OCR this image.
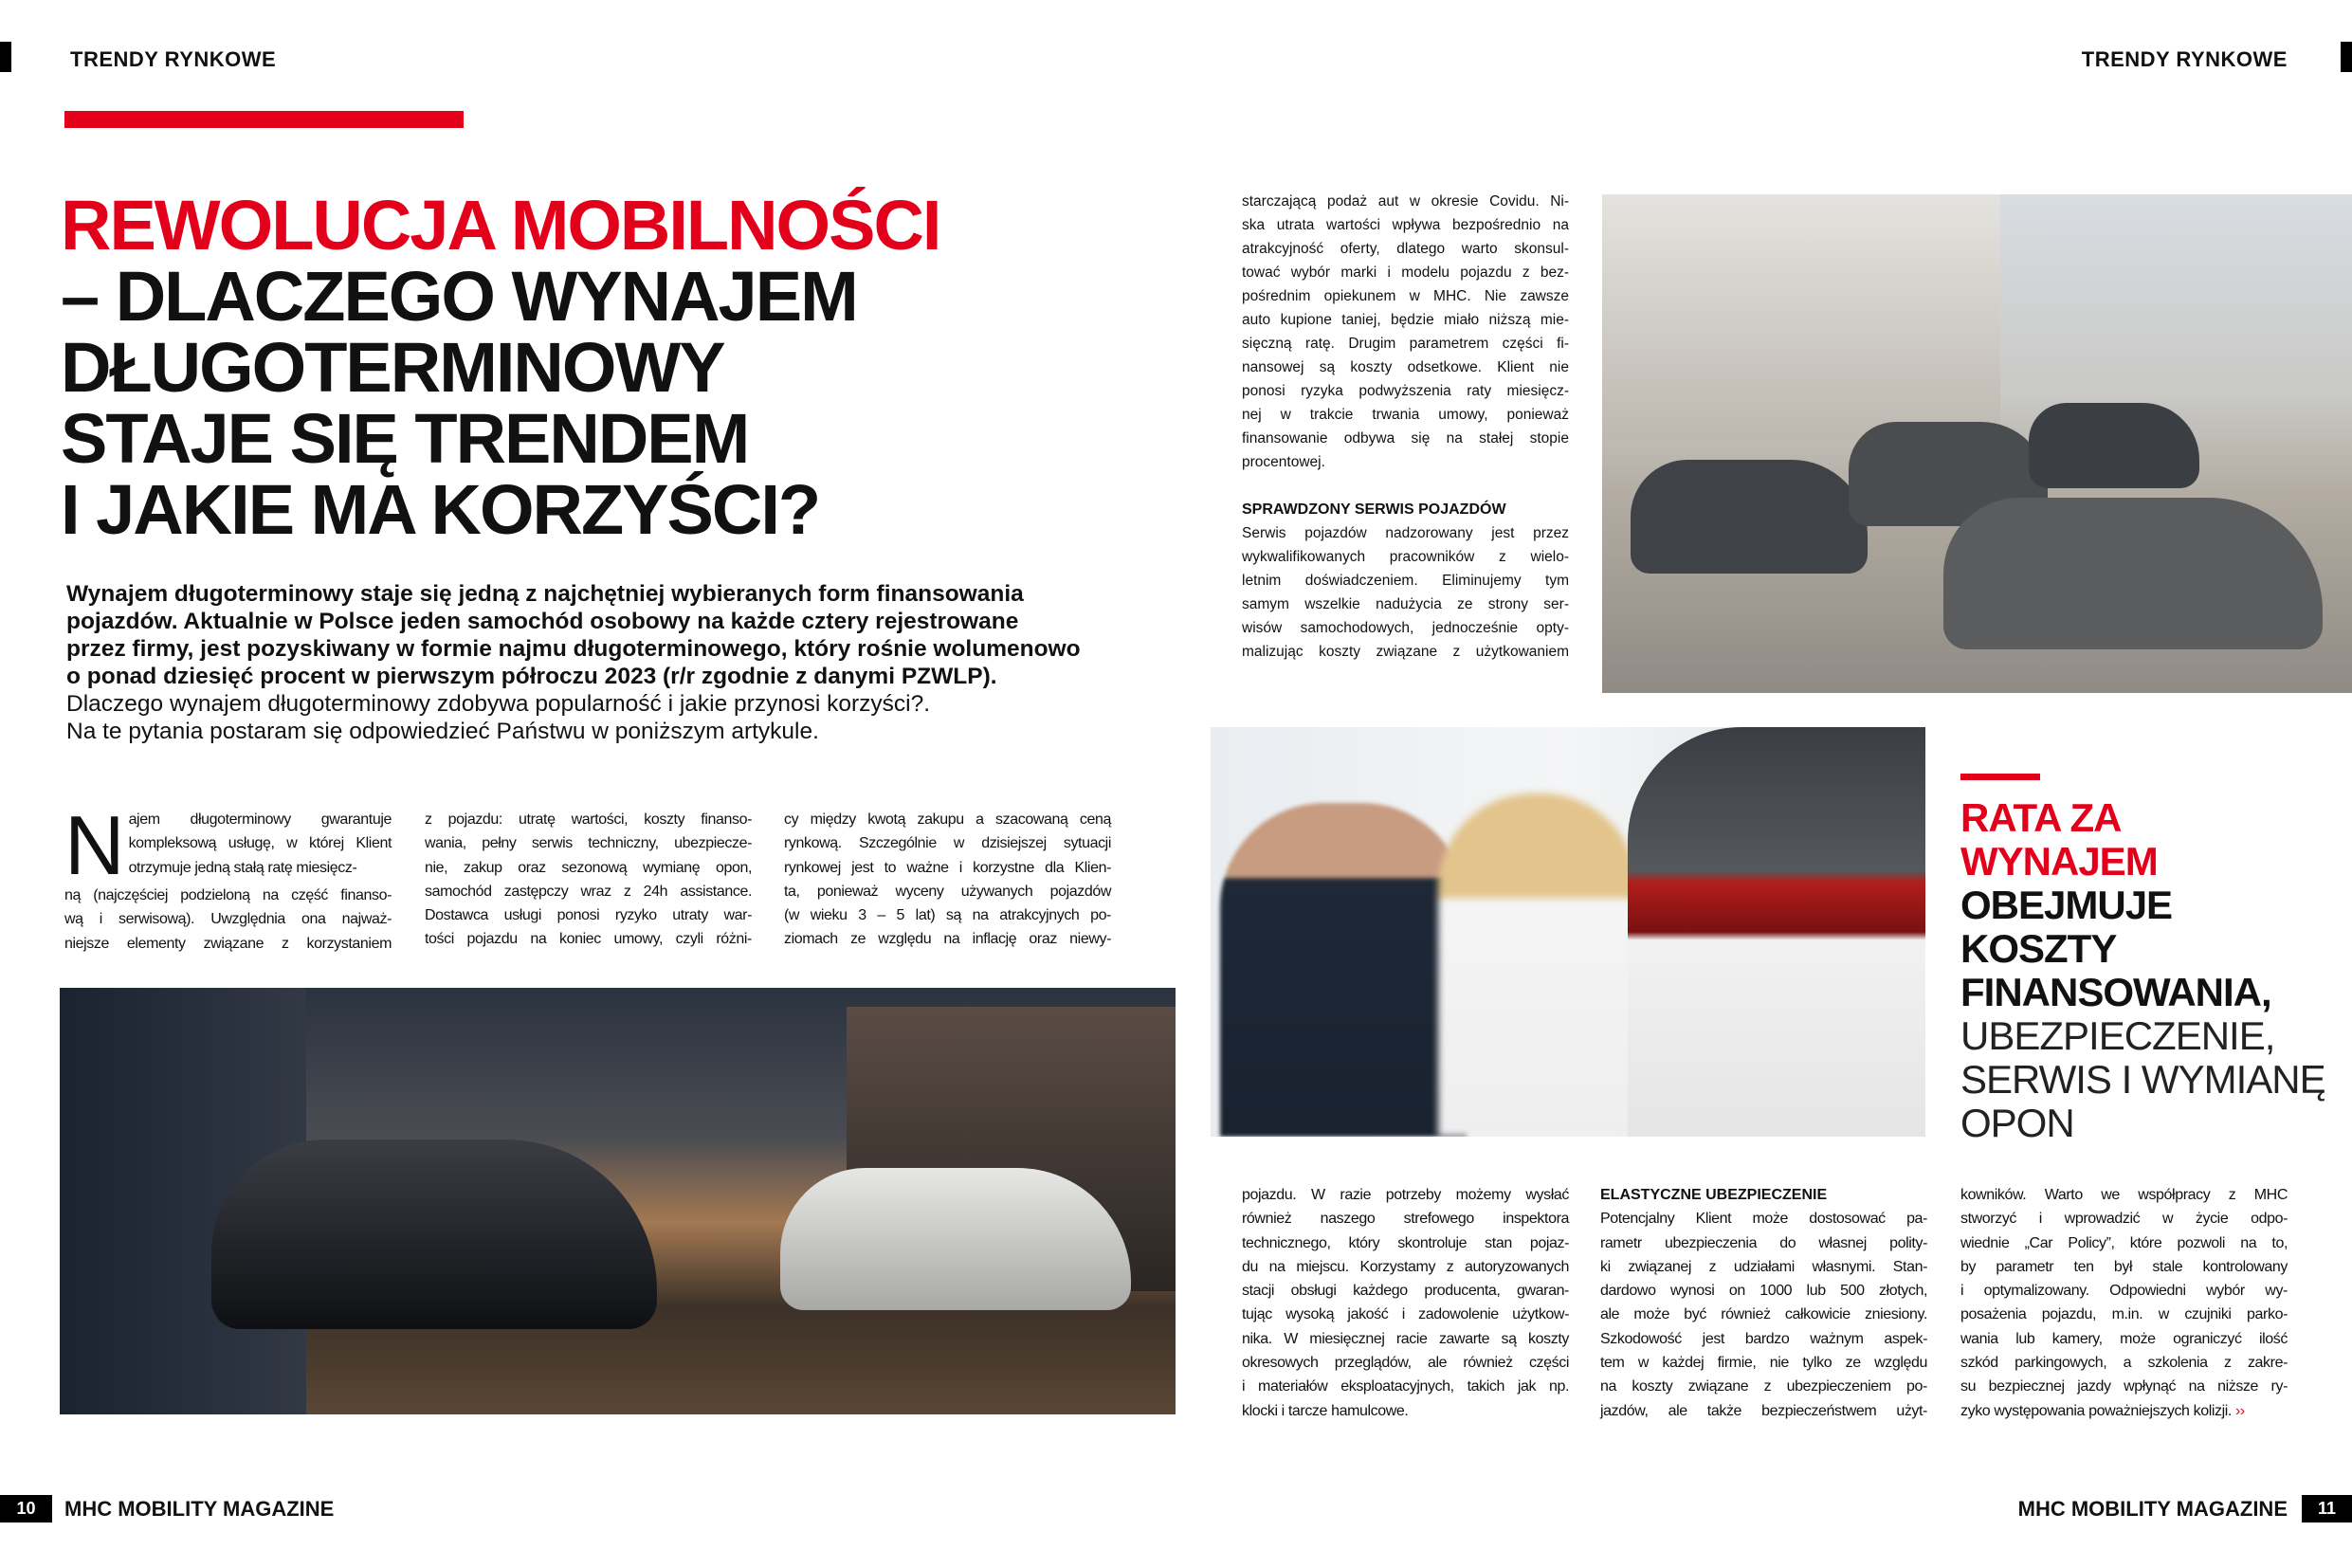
TRENDY RYNKOWE	TRENDY RYNKOWE
REWOLUCJA MOBILNOŚCI
– DLACZEGO WYNAJEM
DŁUGOTERMINOWY
STAJE SIĘ TRENDEM
I JAKIE MA KORZYŚCI?
Wynajem długoterminowy staje się jedną z najchętniej wybieranych form finansowania
pojazdów. Aktualnie w Polsce jeden samochód osobowy na każde cztery rejestrowane
przez firmy, jest pozyskiwany w formie najmu długoterminowego, który rośnie wolumenowo
o ponad dziesięć procent w pierwszym półroczu 2023 (r/r zgodnie z danymi PZWLP).
Dlaczego wynajem długoterminowy zdobywa popularność i jakie przynosi korzyści?.
Na te pytania postaram się odpowiedzieć Państwu w poniższym artykule.
N ajem długoterminowy gwarantuje
kompleksową usługę, w której Klient
otrzymuje jedną stałą ratę miesięcz-
ną (najczęściej podzieloną na część finanso-
wą i serwisową). Uwzględnia ona najważ-
niejsze elementy związane z korzystaniem
z pojazdu: utratę wartości, koszty finanso-
wania, pełny serwis techniczny, ubezpiecze-
nie, zakup oraz sezonową wymianę opon,
samochód zastępczy wraz z 24h assistance.
Dostawca usługi ponosi ryzyko utraty war-
tości pojazdu na koniec umowy, czyli różni-
cy między kwotą zakupu a szacowaną ceną
rynkową. Szczególnie w dzisiejszej sytuacji
rynkowej jest to ważne i korzystne dla Klien-
ta, ponieważ wyceny używanych pojazdów
(w wieku 3 – 5 lat) są na atrakcyjnych po-
ziomach ze względu na inflację oraz niewy-
starczającą podaż aut w okresie Covidu. Ni-
ska utrata wartości wpływa bezpośrednio na
atrakcyjność oferty, dlatego warto skonsul-
tować wybór marki i modelu pojazdu z bez-
pośrednim opiekunem w MHC. Nie zawsze
auto kupione taniej, będzie miało niższą mie-
sięczną ratę. Drugim parametrem części fi-
nansowej są koszty odsetkowe. Klient nie
ponosi ryzyka podwyższenia raty miesięcz-
nej w trakcie trwania umowy, ponieważ
finansowanie odbywa się na stałej stopie
procentowej.
SPRAWDZONY SERWIS POJAZDÓW
Serwis pojazdów nadzorowany jest przez
wykwalifikowanych pracowników z wielo-
letnim doświadczeniem. Eliminujemy tym
samym wszelkie nadużycia ze strony ser-
wisów samochodowych, jednocześnie opty-
malizując koszty związane z użytkowaniem
pojazdu. W razie potrzeby możemy wysłać
również naszego strefowego inspektora
technicznego, który skontroluje stan pojaz-
du na miejscu. Korzystamy z autoryzowanych
stacji obsługi każdego producenta, gwaran-
tując wysoką jakość i zadowolenie użytkow-
nika. W miesięcznej racie zawarte są koszty
okresowych przeglądów, ale również części
i materiałów eksploatacyjnych, takich jak np.
klocki i tarcze hamulcowe.
ELASTYCZNE UBEZPIECZENIE
Potencjalny Klient może dostosować pa-
rametr ubezpieczenia do własnej polity-
ki związanej z udziałami własnymi. Stan-
dardowo wynosi on 1000 lub 500 złotych,
ale może być również całkowicie zniesiony.
Szkodowość jest bardzo ważnym aspek-
tem w każdej firmie, nie tylko ze względu
na koszty związane z ubezpieczeniem po-
jazdów, ale także bezpieczeństwem użyt-
kowników. Warto we współpracy z MHC
stworzyć i wprowadzić w życie odpo-
wiednie „Car Policy”, które pozwoli na to,
by parametr ten był stale kontrolowany
i optymalizowany. Odpowiedni wybór wy-
posażenia pojazdu, m.in. w czujniki parko-
wania lub kamery, może ograniczyć ilość
szkód parkingowych, a szkolenia z zakre-
su bezpiecznej jazdy wpłynąć na niższe ry-
zyko występowania poważniejszych kolizji. ››
RATA ZA
WYNAJEM
OBEJMUJE
KOSZTY
FINANSOWANIA,
UBEZPIECZENIE,
SERWIS I WYMIANĘ
OPON
10	MHC MOBILITY MAGAZINE	MHC MOBILITY MAGAZINE	11
